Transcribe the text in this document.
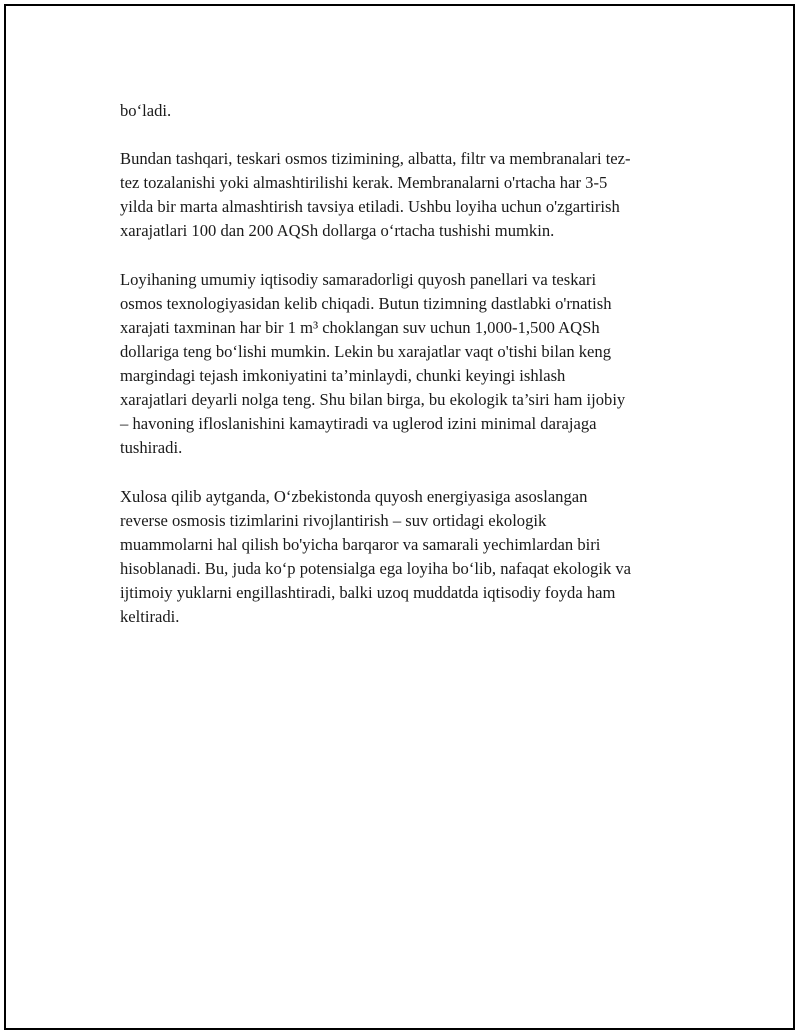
bo‘ladi.

Bundan tashqari, teskari osmos tizimining, albatta, filtr va membranalari tez-
tez tozalanishi yoki almashtirilishi kerak. Membranalarni o'rtacha har 3-5
yilda bir marta almashtirish tavsiya etiladi. Ushbu loyiha uchun o'zgartirish
xarajatlari 100 dan 200 AQSh dollarga o‘rtacha tushishi mumkin.

Loyihaning umumiy iqtisodiy samaradorligi quyosh panellari va teskari
osmos texnologiyasidan kelib chiqadi. Butun tizimning dastlabki o'rnatish
xarajati taxminan har bir 1 m³ choklangan suv uchun 1,000-1,500 AQSh
dollariga teng bo‘lishi mumkin. Lekin bu xarajatlar vaqt o'tishi bilan keng
margindagi tejash imkoniyatini ta’minlaydi, chunki keyingi ishlash
xarajatlari deyarli nolga teng. Shu bilan birga, bu ekologik ta’siri ham ijobiy
– havoning ifloslanishini kamaytiradi va uglerod izini minimal darajaga
tushiradi.

Xulosa qilib aytganda, O‘zbekistonda quyosh energiyasiga asoslangan
reverse osmosis tizimlarini rivojlantirish – suv ortidagi ekologik
muammolarni hal qilish bo'yicha barqaror va samarali yechimlardan biri
hisoblanadi. Bu, juda ko‘p potensialga ega loyiha bo‘lib, nafaqat ekologik va
ijtimoiy yuklarni engillashtiradi, balki uzoq muddatda iqtisodiy foyda ham
keltiradi.
